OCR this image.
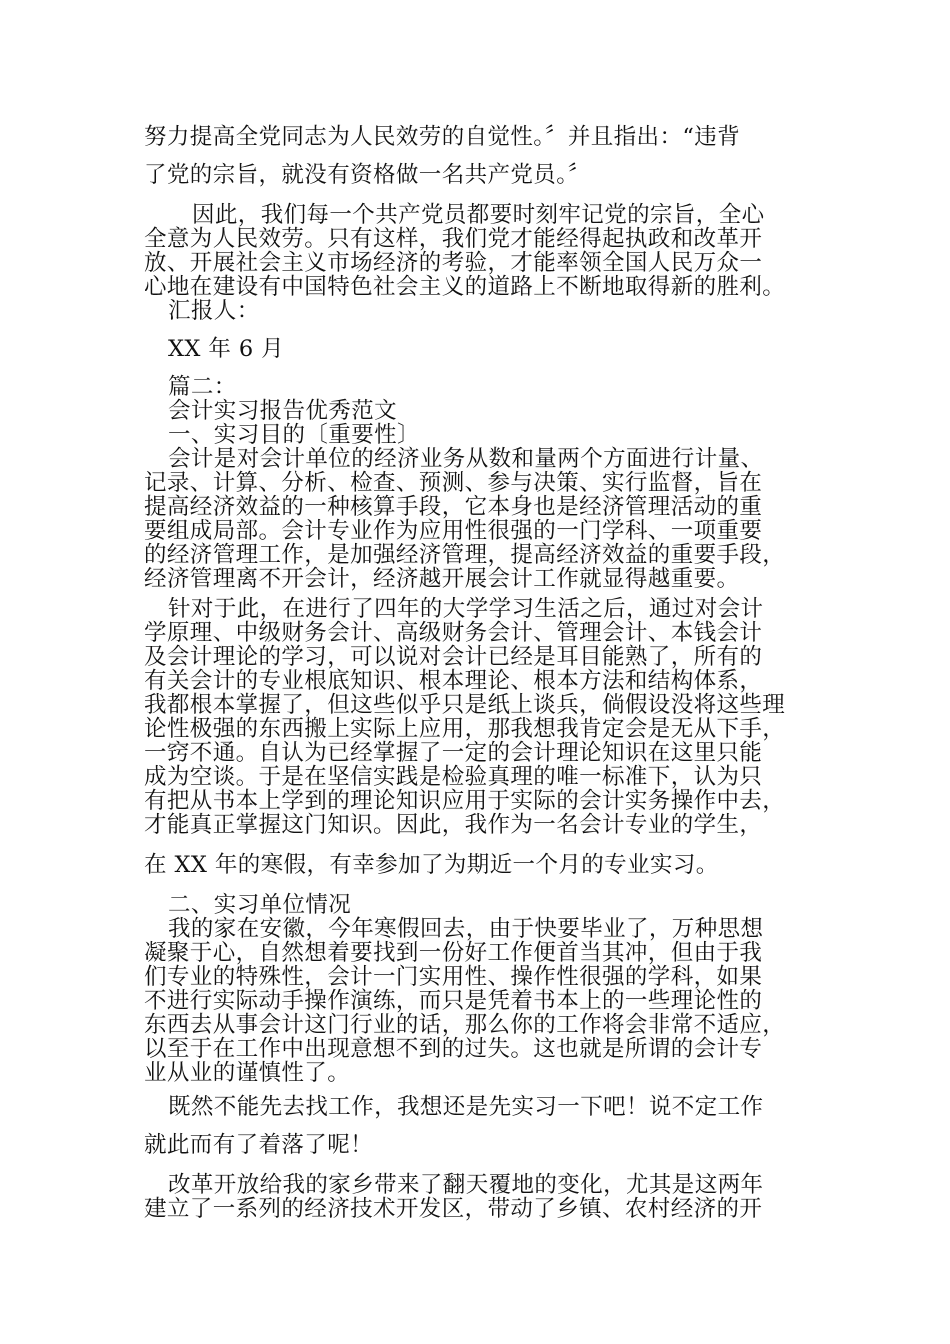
努力提高全党同志为人民效劳的自觉性。〞并且指出：“违背
了党的宗旨，就没有资格做一名共产党员。〞
因此，我们每一个共产党员都要时刻牢记党的宗旨，全心
全意为人民效劳。只有这样，我们党才能经得起执政和改革开
放、开展社会主义市场经济的考验，才能率领全国人民万众一
心地在建设有中国特色社会主义的道路上不断地取得新的胜利。
汇报人：
XX 年 6 月
篇二：
会计实习报告优秀范文
一、实习目的〔重要性〕
会计是对会计单位的经济业务从数和量两个方面进行计量、
记录、计算、分析、检查、预测、参与决策、实行监督，旨在
提高经济效益的一种核算手段，它本身也是经济管理活动的重
要组成局部。会计专业作为应用性很强的一门学科、一项重要
的经济管理工作，是加强经济管理，提高经济效益的重要手段，
经济管理离不开会计，经济越开展会计工作就显得越重要。
针对于此，在进行了四年的大学学习生活之后，通过对会计
学原理、中级财务会计、高级财务会计、管理会计、本钱会计
及会计理论的学习，可以说对会计已经是耳目能熟了，所有的
有关会计的专业根底知识、根本理论、根本方法和结构体系，
我都根本掌握了，但这些似乎只是纸上谈兵，倘假设没将这些理
论性极强的东西搬上实际上应用，那我想我肯定会是无从下手，
一窍不通。自认为已经掌握了一定的会计理论知识在这里只能
成为空谈。于是在坚信实践是检验真理的唯一标准下，认为只
有把从书本上学到的理论知识应用于实际的会计实务操作中去，
才能真正掌握这门知识。因此，我作为一名会计专业的学生，
在 XX 年的寒假，有幸参加了为期近一个月的专业实习。
二、实习单位情况
我的家在安徽，今年寒假回去，由于快要毕业了，万种思想
凝聚于心，自然想着要找到一份好工作便首当其冲，但由于我
们专业的特殊性，会计一门实用性、操作性很强的学科，如果
不进行实际动手操作演练，而只是凭着书本上的一些理论性的
东西去从事会计这门行业的话，那么你的工作将会非常不适应，
以至于在工作中出现意想不到的过失。这也就是所谓的会计专
业从业的谨慎性了。
既然不能先去找工作，我想还是先实习一下吧！说不定工作
就此而有了着落了呢！
改革开放给我的家乡带来了翻天覆地的变化，尤其是这两年
建立了一系列的经济技术开发区，带动了乡镇、农村经济的开
